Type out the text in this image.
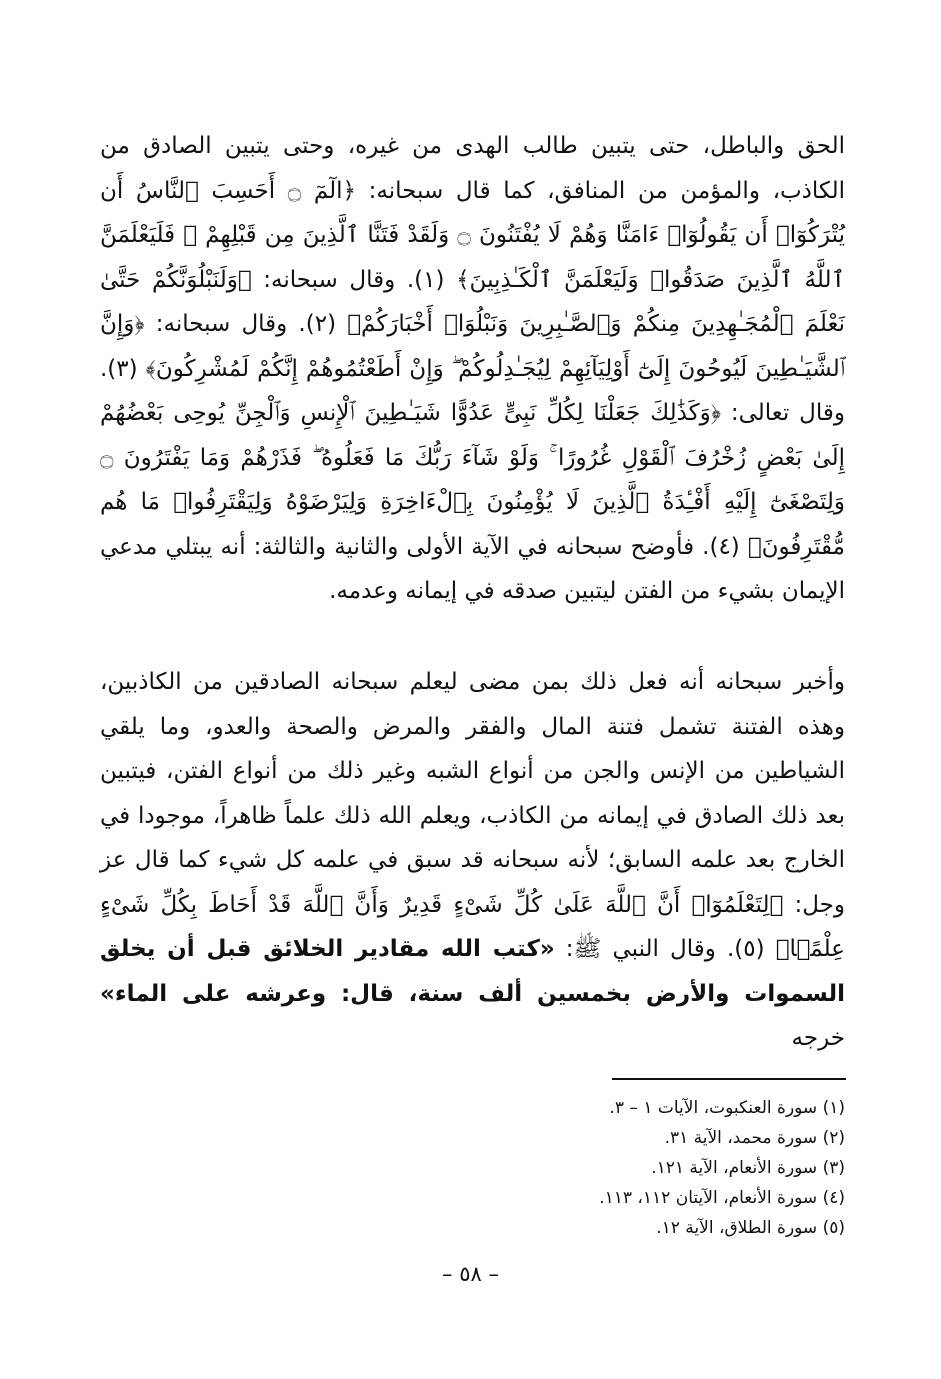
الحق والباطل، حتى يتبين طالب الهدى من غيره، وحتى يتبين الصادق من الكاذب، والمؤمن من المنافق، كما قال سبحانه: ﴿الٓمٓ ۝ أَحَسِبَ ٱلنَّاسُ أَن يُتْرَكُوٓا۟ أَن يَقُولُوٓا۟ ءَامَنَّا وَهُمْ لَا يُفْتَنُونَ ۝ وَلَقَدْ فَتَنَّا ٱلَّذِينَ مِن قَبْلِهِمْ ۖ فَلَيَعْلَمَنَّ ٱللَّهُ ٱلَّذِينَ صَدَقُوا۟ وَلَيَعْلَمَنَّ ٱلْكَـٰذِبِينَ﴾ (١). وقال سبحانه: ﴿وَلَنَبْلُوَنَّكُمْ حَتَّىٰ نَعْلَمَ ٱلْمُجَـٰهِدِينَ مِنكُمْ وَٱلصَّـٰبِرِينَ وَنَبْلُوَا۟ أَخْبَارَكُمْ﴾ (٢). وقال سبحانه: ﴿وَإِنَّ ٱلشَّيَـٰطِينَ لَيُوحُونَ إِلَىٰٓ أَوْلِيَآئِهِمْ لِيُجَـٰدِلُوكُمْ ۖ وَإِنْ أَطَعْتُمُوهُمْ إِنَّكُمْ لَمُشْرِكُونَ﴾ (٣). وقال تعالى: ﴿وَكَذَٰلِكَ جَعَلْنَا لِكُلِّ نَبِىٍّ عَدُوًّا شَيَـٰطِينَ ٱلْإِنسِ وَٱلْجِنِّ يُوحِى بَعْضُهُمْ إِلَىٰ بَعْضٍ زُخْرُفَ ٱلْقَوْلِ غُرُورًا ۚ وَلَوْ شَآءَ رَبُّكَ مَا فَعَلُوهُ ۖ فَذَرْهُمْ وَمَا يَفْتَرُونَ ۝ وَلِتَصْغَىٰٓ إِلَيْهِ أَفْـِٔدَةُ ٱلَّذِينَ لَا يُؤْمِنُونَ بِٱلْءَاخِرَةِ وَلِيَرْضَوْهُ وَلِيَقْتَرِفُوا۟ مَا هُم مُّقْتَرِفُونَ﴾ (٤). فأوضح سبحانه في الآية الأولى والثانية والثالثة: أنه يبتلي مدعي الإيمان بشيء من الفتن ليتبين صدقه في إيمانه وعدمه.

وأخبر سبحانه أنه فعل ذلك بمن مضى ليعلم سبحانه الصادقين من الكاذبين، وهذه الفتنة تشمل فتنة المال والفقر والمرض والصحة والعدو، وما يلقي الشياطين من الإنس والجن من أنواع الشبه وغير ذلك من أنواع الفتن، فيتبين بعد ذلك الصادق في إيمانه من الكاذب، ويعلم الله ذلك علماً ظاهراً، موجودا في الخارج بعد علمه السابق؛ لأنه سبحانه قد سبق في علمه كل شيء كما قال عز وجل: ﴿لِتَعْلَمُوٓا۟ أَنَّ ٱللَّهَ عَلَىٰ كُلِّ شَىْءٍ قَدِيرٌ وَأَنَّ ٱللَّهَ قَدْ أَحَاطَ بِكُلِّ شَىْءٍ عِلْمًۢا﴾ (٥). وقال النبي ﷺ: «كتب الله مقادير الخلائق قبل أن يخلق السموات والأرض بخمسين ألف سنة، قال: وعرشه على الماء» خرجه

(١) سورة العنكبوت، الآيات ١ – ٣.
(٢) سورة محمد، الآية ٣١.
(٣) سورة الأنعام، الآية ١٢١.
(٤) سورة الأنعام، الآيتان ١١٢، ١١٣.
(٥) سورة الطلاق، الآية ١٢.
– ٥٨ –
